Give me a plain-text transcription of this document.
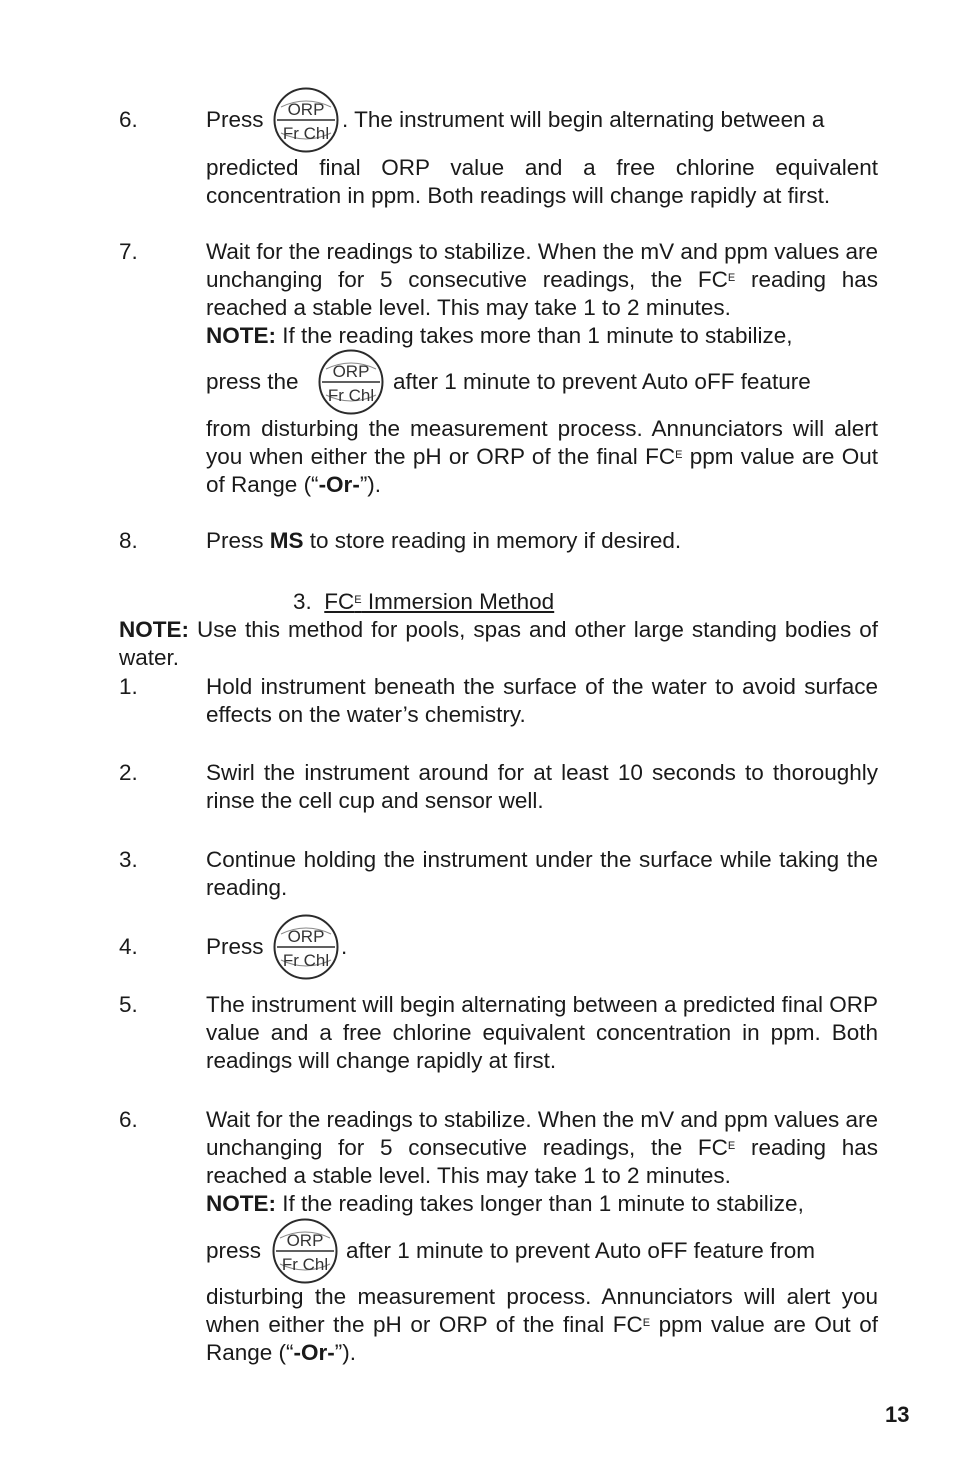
6.	Press ORP
Fr Chl
. The instrument will begin alternating between a
predicted final ORP value and a free chlorine equivalent concentration in ppm. Both readings will change rapidly at first.
7.	Wait for the readings to stabilize. When the mV and ppm values are unchanging for 5 consecutive readings, the $FC^E$ reading has reached a stable level. This may take 1 to 2 minutes.
NOTE: If the reading takes more than 1 minute to stabilize,
press the ORP
Fr Chl
after 1 minute to prevent Auto oFF feature
from disturbing the measurement process. Annunciators will alert you when either the pH or ORP of the final $FC^E$ ppm value are Out of Range (“-Or-”).
8.	Press MS to store reading in memory if desired.
3. $FC^E$ Immersion Method
NOTE: Use this method for pools, spas and other large standing bodies of water.
1.	Hold instrument beneath the surface of the water to avoid surface effects on the water’s chemistry.
2.	Swirl the instrument around for at least 10 seconds to thoroughly rinse the cell cup and sensor well.
3.	Continue holding the instrument under the surface while taking the reading.
4.	Press ORP
Fr Chl
.
5.	The instrument will begin alternating between a predicted final ORP value and a free chlorine equivalent concentration in ppm. Both readings will change rapidly at first.
6.	Wait for the readings to stabilize. When the mV and ppm values are unchanging for 5 consecutive readings, the $FC^E$ reading has reached a stable level. This may take 1 to 2 minutes.
NOTE: If the reading takes longer than 1 minute to stabilize,
press ORP
Fr Chl
after 1 minute to prevent Auto oFF feature from
disturbing the measurement process. Annunciators will alert you when either the pH or ORP of the final $FC^E$ ppm value are Out of Range (“-Or-”).
13
